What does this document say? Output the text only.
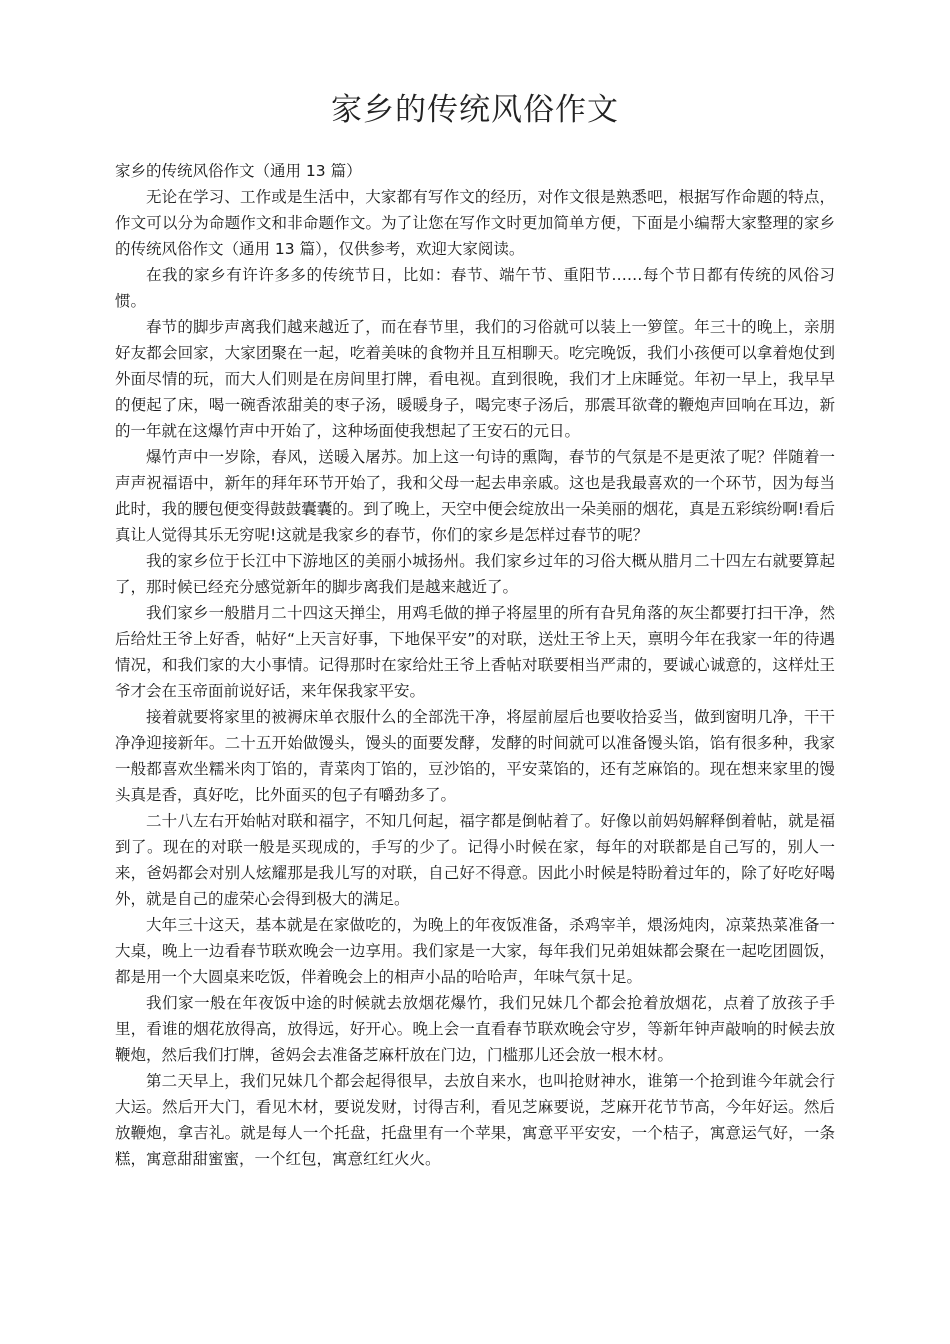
家乡的传统风俗作文

家乡的传统风俗作文（通用 13 篇）

无论在学习、工作或是生活中，大家都有写作文的经历，对作文很是熟悉吧，根据写作命题的特点，作文可以分为命题作文和非命题作文。为了让您在写作文时更加简单方便，下面是小编帮大家整理的家乡的传统风俗作文（通用 13 篇），仅供参考，欢迎大家阅读。

在我的家乡有许许多多的传统节日，比如：春节、端午节、重阳节……每个节日都有传统的风俗习惯。

春节的脚步声离我们越来越近了，而在春节里，我们的习俗就可以装上一箩筐。年三十的晚上，亲朋好友都会回家，大家团聚在一起，吃着美味的食物并且互相聊天。吃完晚饭，我们小孩便可以拿着炮仗到外面尽情的玩，而大人们则是在房间里打牌，看电视。直到很晚，我们才上床睡觉。年初一早上，我早早的便起了床，喝一碗香浓甜美的枣子汤，暖暖身子，喝完枣子汤后，那震耳欲聋的鞭炮声回响在耳边，新的一年就在这爆竹声中开始了，这种场面使我想起了王安石的元日。

爆竹声中一岁除，春风，送暖入屠苏。加上这一句诗的熏陶，春节的气氛是不是更浓了呢？伴随着一声声祝福语中，新年的拜年环节开始了，我和父母一起去串亲戚。这也是我最喜欢的一个环节，因为每当此时，我的腰包便变得鼓鼓囊囊的。到了晚上，天空中便会绽放出一朵美丽的烟花，真是五彩缤纷啊!看后真让人觉得其乐无穷呢!这就是我家乡的春节，你们的家乡是怎样过春节的呢？

我的家乡位于长江中下游地区的美丽小城扬州。我们家乡过年的习俗大概从腊月二十四左右就要算起了，那时候已经充分感觉新年的脚步离我们是越来越近了。

我们家乡一般腊月二十四这天掸尘，用鸡毛做的掸子将屋里的所有旮旯角落的灰尘都要打扫干净，然后给灶王爷上好香，帖好“上天言好事，下地保平安”的对联，送灶王爷上天，禀明今年在我家一年的待遇情况，和我们家的大小事情。记得那时在家给灶王爷上香帖对联要相当严肃的，要诚心诚意的，这样灶王爷才会在玉帝面前说好话，来年保我家平安。

接着就要将家里的被褥床单衣服什么的全部洗干净，将屋前屋后也要收拾妥当，做到窗明几净，干干净净迎接新年。二十五开始做馒头，馒头的面要发酵，发酵的时间就可以准备馒头馅，馅有很多种，我家一般都喜欢坐糯米肉丁馅的，青菜肉丁馅的，豆沙馅的，平安菜馅的，还有芝麻馅的。现在想来家里的馒头真是香，真好吃，比外面买的包子有嚼劲多了。

二十八左右开始帖对联和福字，不知几何起，福字都是倒帖着了。好像以前妈妈解释倒着帖，就是福到了。现在的对联一般是买现成的，手写的少了。记得小时候在家，每年的对联都是自己写的，别人一来，爸妈都会对别人炫耀那是我儿写的对联，自己好不得意。因此小时候是特盼着过年的，除了好吃好喝外，就是自己的虚荣心会得到极大的满足。

大年三十这天，基本就是在家做吃的，为晚上的年夜饭准备，杀鸡宰羊，煨汤炖肉，凉菜热菜准备一大桌，晚上一边看春节联欢晚会一边享用。我们家是一大家，每年我们兄弟姐妹都会聚在一起吃团圆饭，都是用一个大圆桌来吃饭，伴着晚会上的相声小品的哈哈声，年味气氛十足。

我们家一般在年夜饭中途的时候就去放烟花爆竹，我们兄妹几个都会抢着放烟花，点着了放孩子手里，看谁的烟花放得高，放得远，好开心。晚上会一直看春节联欢晚会守岁，等新年钟声敲响的时候去放鞭炮，然后我们打牌，爸妈会去准备芝麻杆放在门边，门槛那儿还会放一根木材。

第二天早上，我们兄妹几个都会起得很早，去放自来水，也叫抢财神水，谁第一个抢到谁今年就会行大运。然后开大门，看见木材，要说发财，讨得吉利，看见芝麻要说，芝麻开花节节高，今年好运。然后放鞭炮，拿吉礼。就是每人一个托盘，托盘里有一个苹果，寓意平平安安，一个桔子，寓意运气好，一条糕，寓意甜甜蜜蜜，一个红包，寓意红红火火。
